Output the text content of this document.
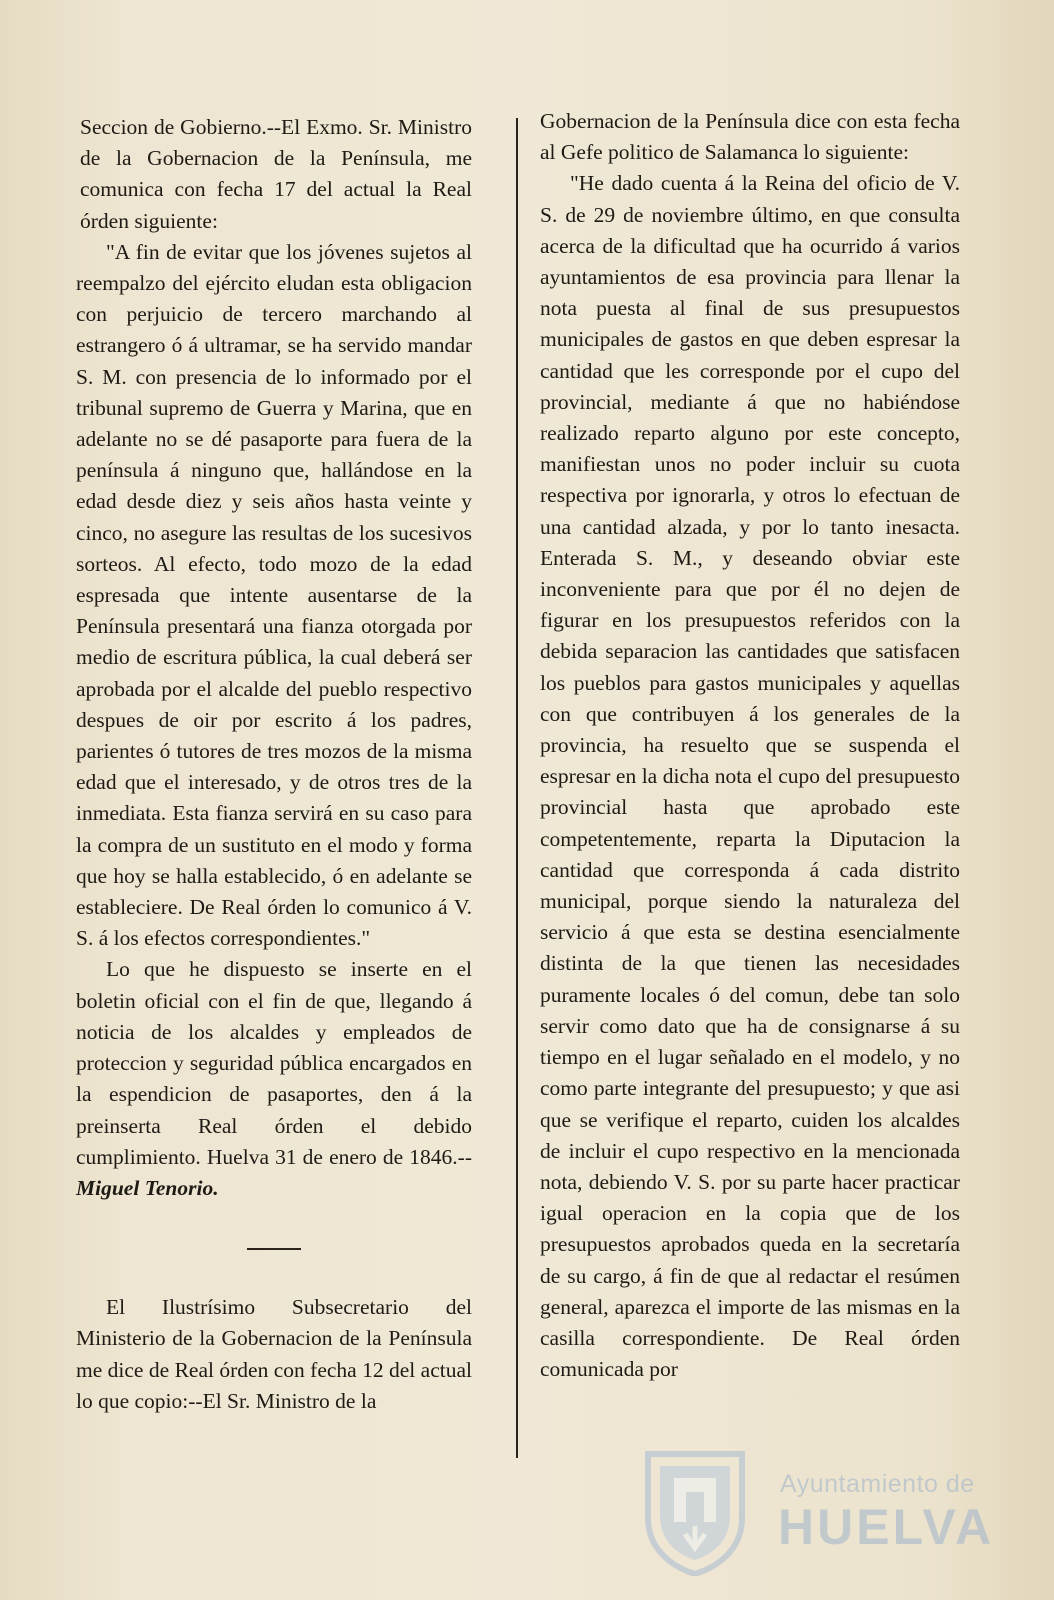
Seccion de Gobierno.--El Exmo. Sr. Ministro de la Gobernacion de la Península, me comunica con fecha 17 del actual la Real órden siguiente:

"A fin de evitar que los jóvenes sujetos al reempalzo del ejército eludan esta obligacion con perjuicio de tercero marchando al estrangero ó á ultramar, se ha servido mandar S. M. con presencia de lo informado por el tribunal supremo de Guerra y Marina, que en adelante no se dé pasaporte para fuera de la península á ninguno que, hallándose en la edad desde diez y seis años hasta veinte y cinco, no asegure las resultas de los sucesivos sorteos. Al efecto, todo mozo de la edad espresada que intente ausentarse de la Península presentará una fianza otorgada por medio de escritura pública, la cual deberá ser aprobada por el alcalde del pueblo respectivo despues de oir por escrito á los padres, parientes ó tutores de tres mozos de la misma edad que el interesado, y de otros tres de la inmediata. Esta fianza servirá en su caso para la compra de un sustituto en el modo y forma que hoy se halla establecido, ó en adelante se estableciere. De Real órden lo comunico á V. S. á los efectos correspondientes."

Lo que he dispuesto se inserte en el boletin oficial con el fin de que, llegando á noticia de los alcaldes y empleados de proteccion y seguridad pública encargados en la espendicion de pasaportes, den á la preinserta Real órden el debido cumplimiento. Huelva 31 de enero de 1846.--Miguel Tenorio.

El Ilustrísimo Subsecretario del Ministerio de la Gobernacion de la Península me dice de Real órden con fecha 12 del actual lo que copio:--El Sr. Ministro de la

Gobernacion de la Península dice con esta fecha al Gefe politico de Salamanca lo siguiente:

"He dado cuenta á la Reina del oficio de V. S. de 29 de noviembre último, en que consulta acerca de la dificultad que ha ocurrido á varios ayuntamientos de esa provincia para llenar la nota puesta al final de sus presupuestos municipales de gastos en que deben espresar la cantidad que les corresponde por el cupo del provincial, mediante á que no habiéndose realizado reparto alguno por este concepto, manifiestan unos no poder incluir su cuota respectiva por ignorarla, y otros lo efectuan de una cantidad alzada, y por lo tanto inesacta. Enterada S. M., y deseando obviar este inconveniente para que por él no dejen de figurar en los presupuestos referidos con la debida separacion las cantidades que satisfacen los pueblos para gastos municipales y aquellas con que contribuyen á los generales de la provincia, ha resuelto que se suspenda el espresar en la dicha nota el cupo del presupuesto provincial hasta que aprobado este competentemente, reparta la Diputacion la cantidad que corresponda á cada distrito municipal, porque siendo la naturaleza del servicio á que esta se destina esencialmente distinta de la que tienen las necesidades puramente locales ó del comun, debe tan solo servir como dato que ha de consignarse á su tiempo en el lugar señalado en el modelo, y no como parte integrante del presupuesto; y que asi que se verifique el reparto, cuiden los alcaldes de incluir el cupo respectivo en la mencionada nota, debiendo V. S. por su parte hacer practicar igual operacion en la copia que de los presupuestos aprobados queda en la secretaría de su cargo, á fin de que al redactar el resúmen general, aparezca el importe de las mismas en la casilla correspondiente. De Real órden comunicada por

Ayuntamiento de
HUELVA
